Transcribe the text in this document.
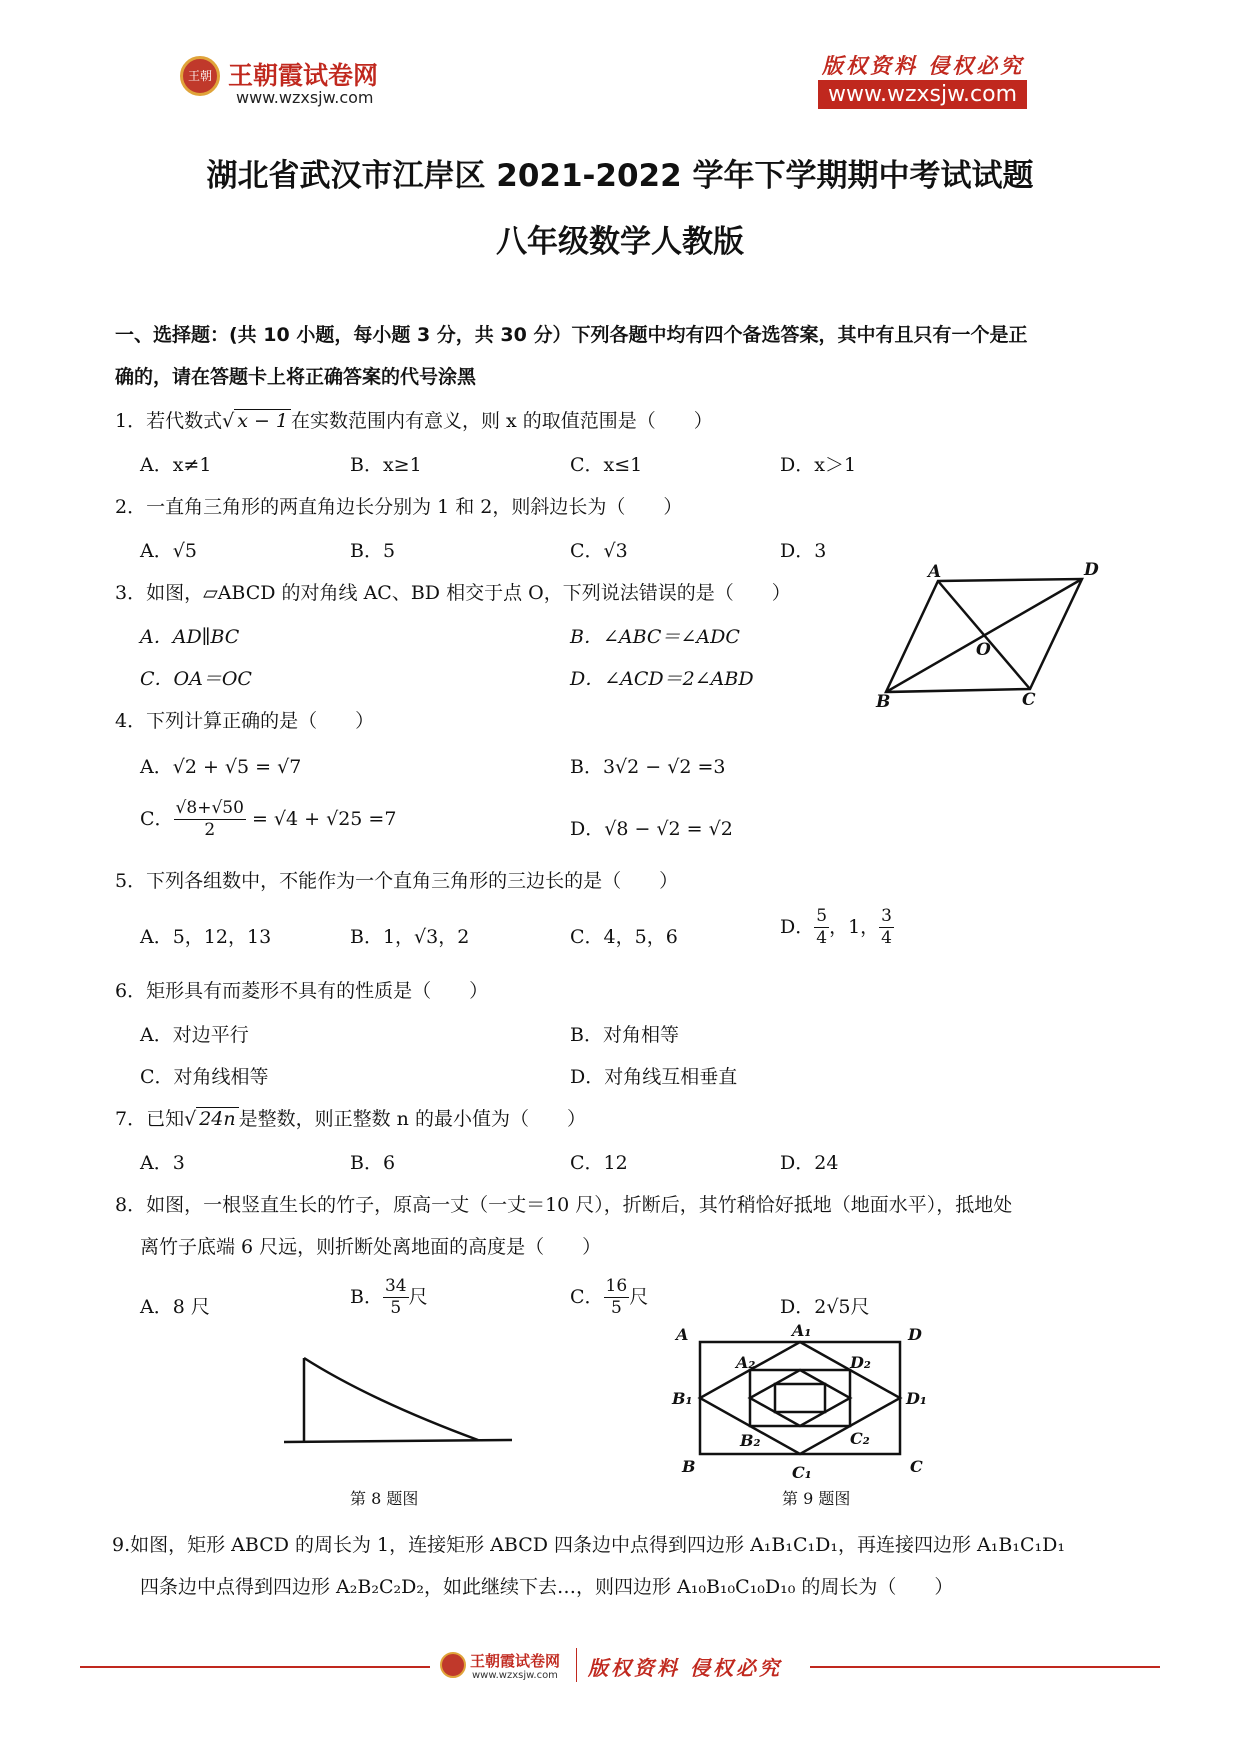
王朝霞
王朝霞试卷网
www.wzxsjw.com
版权资料 侵权必究
www.wzxsjw.com
湖北省武汉市江岸区 2021-2022 学年下学期期中考试试题
八年级数学人教版
一、选择题：(共 10 小题，每小题 3 分，共 30 分）下列各题中均有四个备选答案，其中有且只有一个是正
确的，请在答题卡上将正确答案的代号涂黑
1．若代数式√ x − 1 在实数范围内有意义，则 x 的取值范围是（　　）
A．x≠1	B．x≥1	C．x≤1	D．x＞1
2．一直角三角形的两直角边长分别为 1 和 2，则斜边长为（　　）
A．√5	B．5	C．√3	D．3
3．如图，▱ABCD 的对角线 AC、BD 相交于点 O，下列说法错误的是（　　）
A．AD∥BC	B．∠ABC＝∠ADC
C．OA＝OC	D．∠ACD＝2∠ABD
A	D
B	C
O
4．下列计算正确的是（　　）
A．√2 + √5 = √7	B．3√2 − √2 =3
C． $\frac{√8+√50}{2} = √4 + √25 =7$	D．√8 − √2 = √2
5．下列各组数中，不能作为一个直角三角形的三边长的是（　　）
A．5，12，13	B．1，√3，2	C．4，5，6	D． $\frac{5}{4}$ ，1， $\frac{3}{4}$
6．矩形具有而菱形不具有的性质是（　　）
A．对边平行	B．对角相等
C．对角线相等	D．对角线互相垂直
7．已知√ 24n 是整数，则正整数 n 的最小值为（　　）
A．3	B．6	C．12	D．24
8．如图，一根竖直生长的竹子，原高一丈（一丈＝10 尺），折断后，其竹稍恰好抵地（地面水平），抵地处
离竹子底端 6 尺远，则折断处离地面的高度是（　　）
A．8 尺	B． $\frac{34}{5}$ 尺	C． $\frac{16}{5}$ 尺	D．2√5尺
第 8 题图
A	D
B	C
A₁
B₁
C₁
D₁
A₂
B₂	C₂
D₂
第 9 题图
9.如图，矩形 ABCD 的周长为 1，连接矩形 ABCD 四条边中点得到四边形 A₁B₁C₁D₁，再连接四边形 A₁B₁C₁D₁
四条边中点得到四边形 A₂B₂C₂D₂，如此继续下去…，则四边形 A₁₀B₁₀C₁₀D₁₀ 的周长为（　　）
王朝霞试卷网
www.wzxsjw.com 版权资料 侵权必究
